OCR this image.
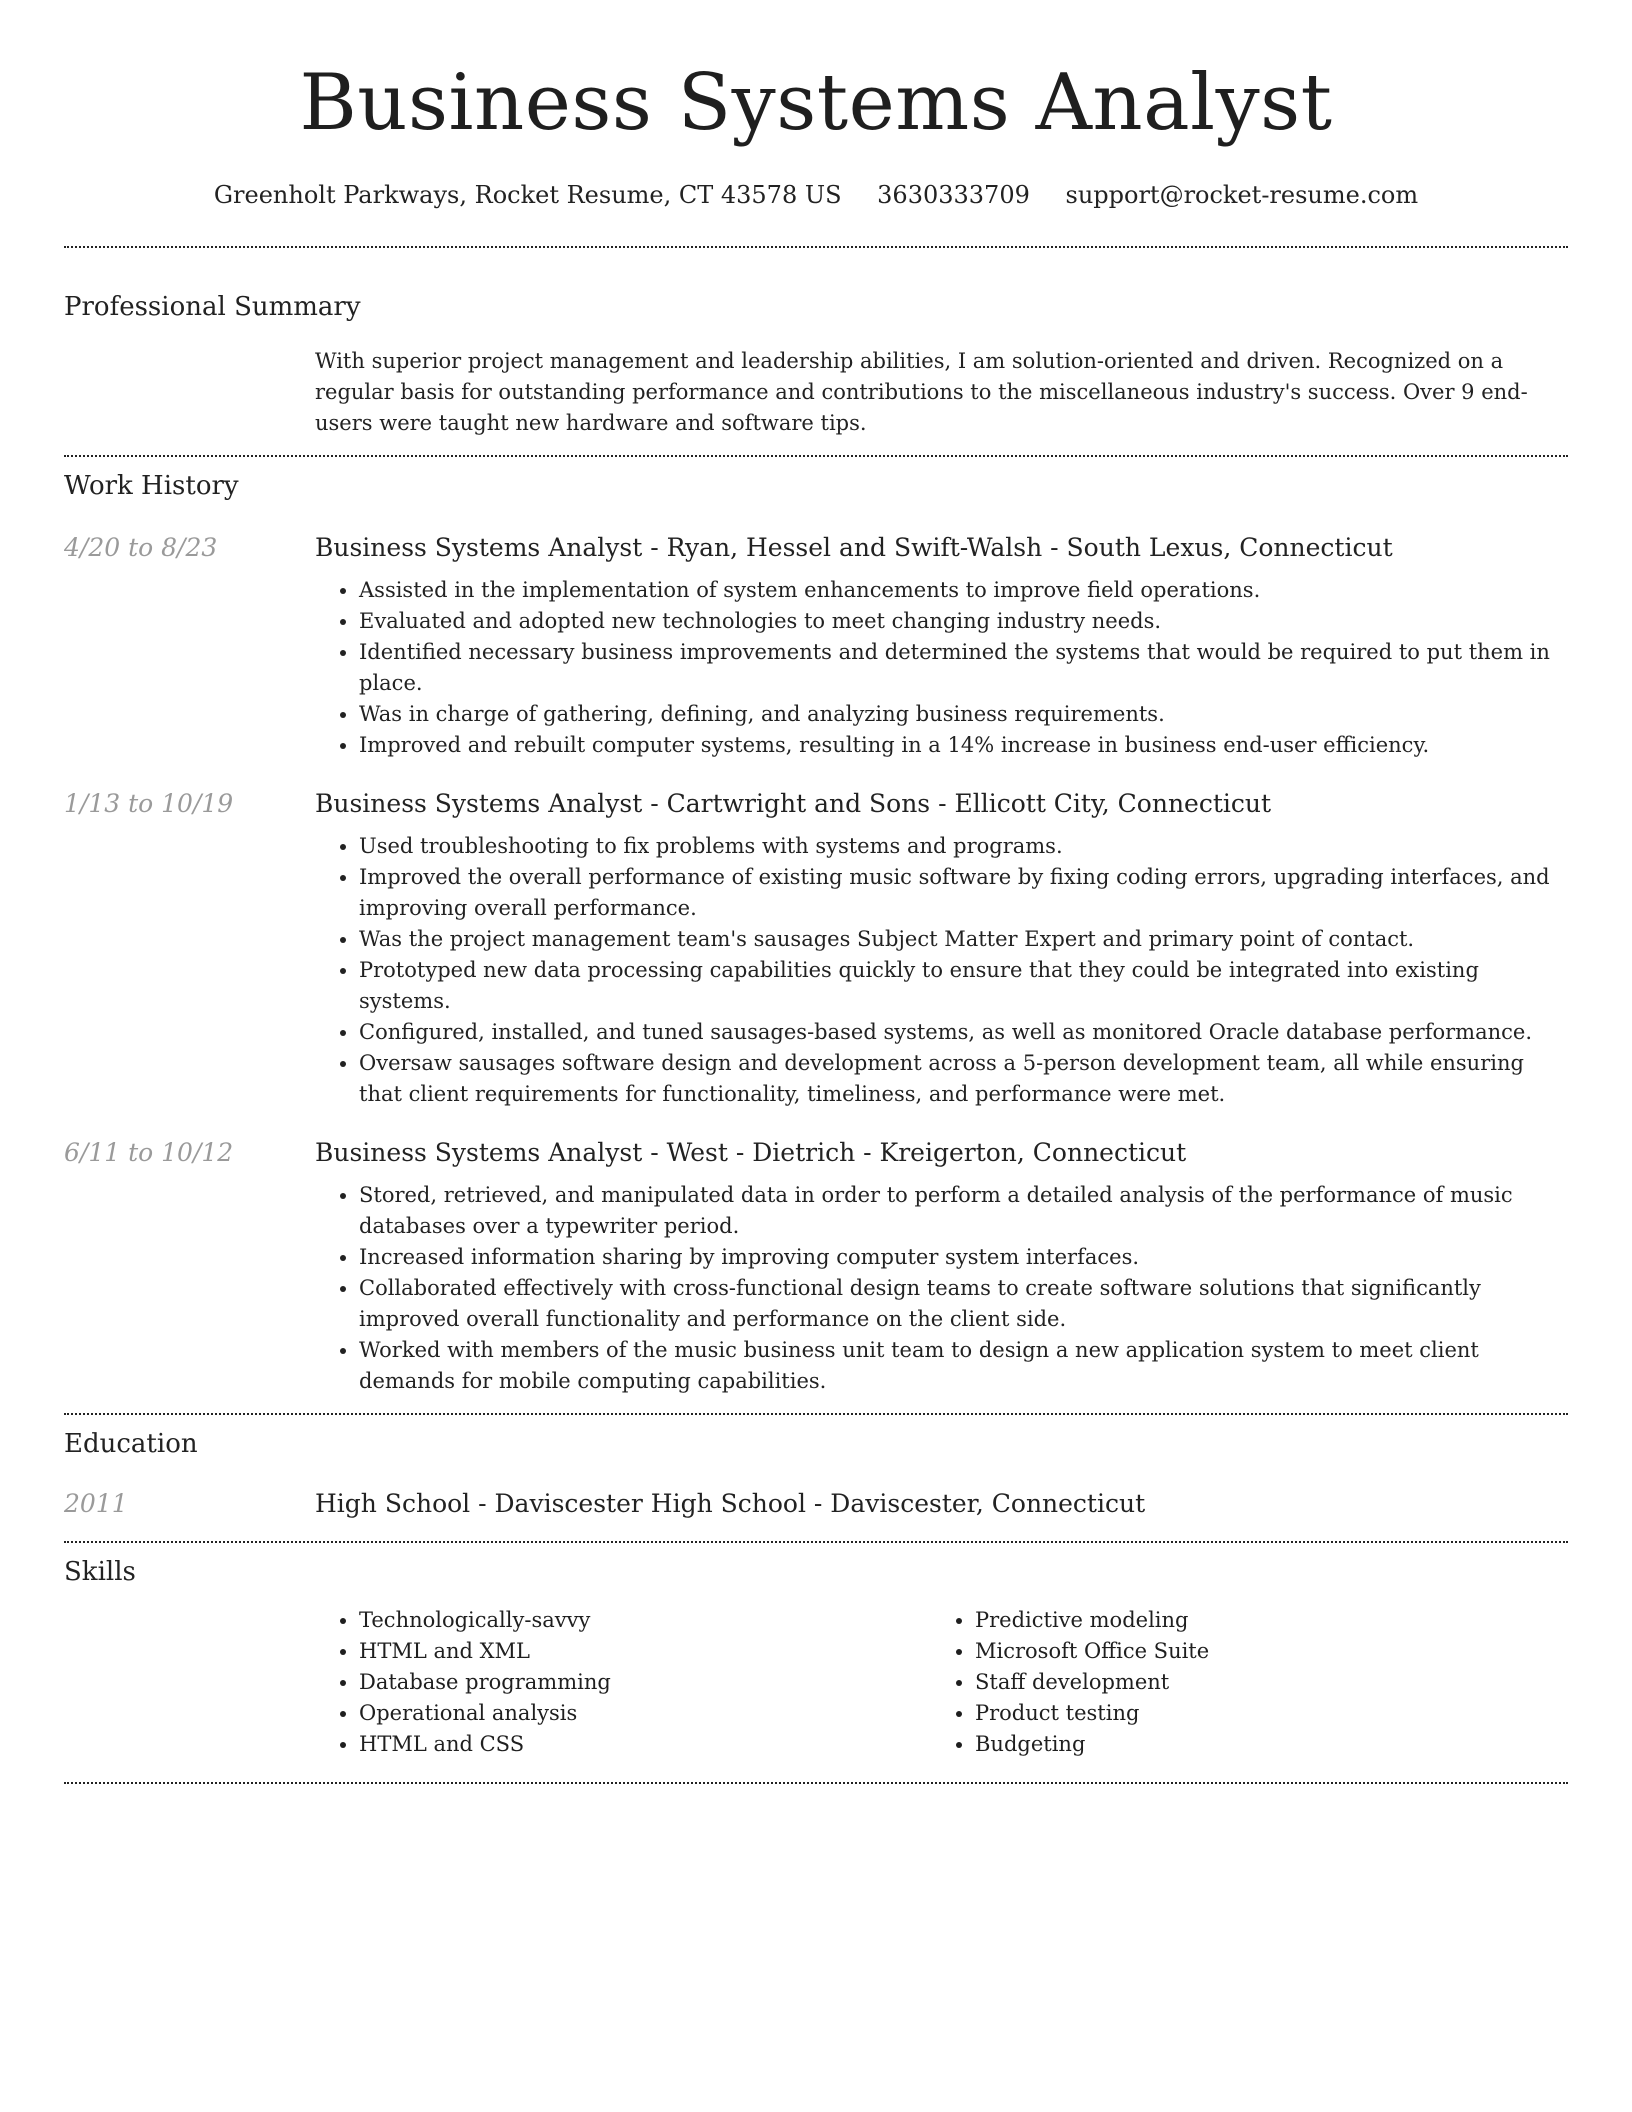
Business Systems Analyst
Greenholt Parkways, Rocket Resume, CT 43578 US 3630333709 support@rocket-resume.com
Professional Summary

With superior project management and leadership abilities, I am solution-oriented and driven. Recognized on a regular basis for outstanding performance and contributions to the miscellaneous industry's success. Over 9 end-users were taught new hardware and software tips.

Work History
4/20 to 8/23	Business Systems Analyst - Ryan, Hessel and Swift-Walsh - South Lexus, Connecticut
• Assisted in the implementation of system enhancements to improve field operations.
• Evaluated and adopted new technologies to meet changing industry needs.
• Identified necessary business improvements and determined the systems that would be required to put them in place.
• Was in charge of gathering, defining, and analyzing business requirements.
• Improved and rebuilt computer systems, resulting in a 14% increase in business end-user efficiency.
1/13 to 10/19	Business Systems Analyst - Cartwright and Sons - Ellicott City, Connecticut
• Used troubleshooting to fix problems with systems and programs.
• Improved the overall performance of existing music software by fixing coding errors, upgrading interfaces, and improving overall performance.
• Was the project management team's sausages Subject Matter Expert and primary point of contact.
• Prototyped new data processing capabilities quickly to ensure that they could be integrated into existing systems.
• Configured, installed, and tuned sausages-based systems, as well as monitored Oracle database performance.
• Oversaw sausages software design and development across a 5-person development team, all while ensuring that client requirements for functionality, timeliness, and performance were met.
6/11 to 10/12	Business Systems Analyst - West - Dietrich - Kreigerton, Connecticut
• Stored, retrieved, and manipulated data in order to perform a detailed analysis of the performance of music databases over a typewriter period.
• Increased information sharing by improving computer system interfaces.
• Collaborated effectively with cross-functional design teams to create software solutions that significantly improved overall functionality and performance on the client side.
• Worked with members of the music business unit team to design a new application system to meet client demands for mobile computing capabilities.
Education
2011	High School - Daviscester High School - Daviscester, Connecticut
Skills
• Technologically-savvy
• HTML and XML
• Database programming
• Operational analysis
• HTML and CSS
• Predictive modeling
• Microsoft Office Suite
• Staff development
• Product testing
• Budgeting
